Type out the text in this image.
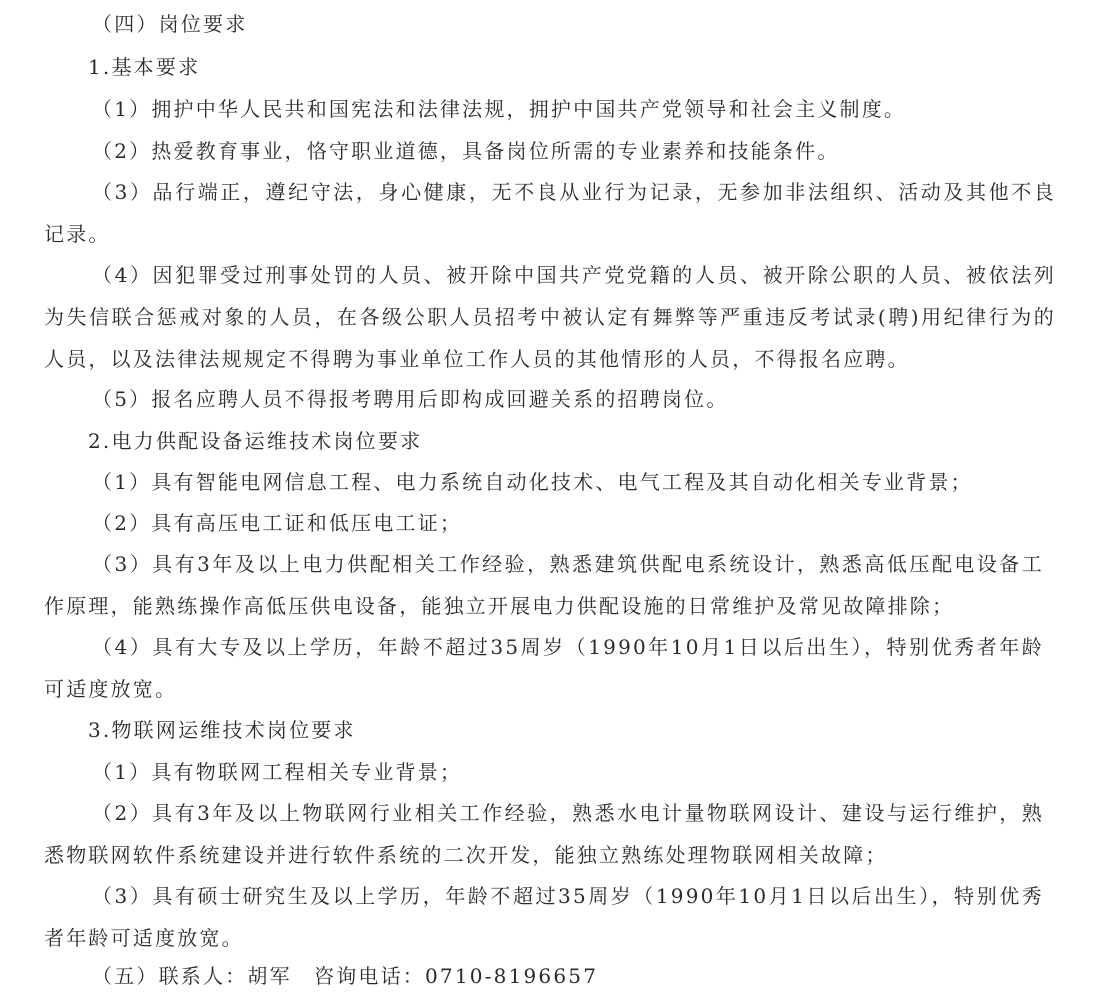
（四）岗位要求
1.基本要求
（1）拥护中华人民共和国宪法和法律法规，拥护中国共产党领导和社会主义制度。
（2）热爱教育事业，恪守职业道德，具备岗位所需的专业素养和技能条件。
（3）品行端正，遵纪守法，身心健康，无不良从业行为记录，无参加非法组织、活动及其他不良记录。
（4）因犯罪受过刑事处罚的人员、被开除中国共产党党籍的人员、被开除公职的人员、被依法列为失信联合惩戒对象的人员，在各级公职人员招考中被认定有舞弊等严重违反考试录(聘)用纪律行为的人员，以及法律法规规定不得聘为事业单位工作人员的其他情形的人员，不得报名应聘。
（5）报名应聘人员不得报考聘用后即构成回避关系的招聘岗位。
2.电力供配设备运维技术岗位要求
（1）具有智能电网信息工程、电力系统自动化技术、电气工程及其自动化相关专业背景；
（2）具有高压电工证和低压电工证；
（3）具有3年及以上电力供配相关工作经验，熟悉建筑供配电系统设计，熟悉高低压配电设备工作原理，能熟练操作高低压供电设备，能独立开展电力供配设施的日常维护及常见故障排除；
（4）具有大专及以上学历，年龄不超过35周岁（1990年10月1日以后出生），特别优秀者年龄可适度放宽。
3.物联网运维技术岗位要求
（1）具有物联网工程相关专业背景；
（2）具有3年及以上物联网行业相关工作经验，熟悉水电计量物联网设计、建设与运行维护，熟悉物联网软件系统建设并进行软件系统的二次开发，能独立熟练处理物联网相关故障；
（3）具有硕士研究生及以上学历，年龄不超过35周岁（1990年10月1日以后出生），特别优秀者年龄可适度放宽。
（五）联系人：胡军　咨询电话：0710-8196657
